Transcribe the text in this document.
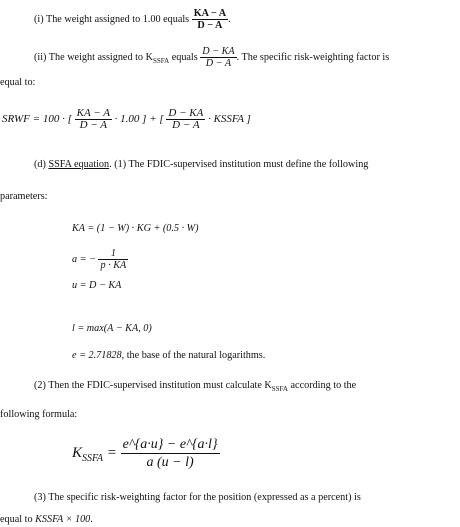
(i) The weight assigned to 1.00 equals $\frac{KA - A}{D - A}$ .
(ii) The weight assigned to $K_{SSFA}$ equals $\frac{D - KA}{D - A}$ . The specific risk-weighting factor is
equal to:
SRWF = 100 · [ $\frac{KA - A}{D - A} \cdot 1.00$ ] + [ $\frac{D - KA}{D - A}$ · KSSFA ]
(d) SSFA equation. (1) The FDIC-supervised institution must define the following
parameters:
KA = (1 − W) · KG + (0.5 · W)
a = − $\frac{1}{p \cdot KA}$
u = D − KA
l = max(A − KA, 0)
e = 2.71828, the base of the natural logarithms.
(2) Then the FDIC-supervised institution must calculate $K_{SSFA}$ according to the
following formula:
$K_{SSFA} = \frac{e\^{}\{a\cdot u\} - e\^{}\{a\cdot l\}}{a (u - l)}$
(3) The specific risk-weighting factor for the position (expressed as a percent) is
equal to KSSFA × 100.
